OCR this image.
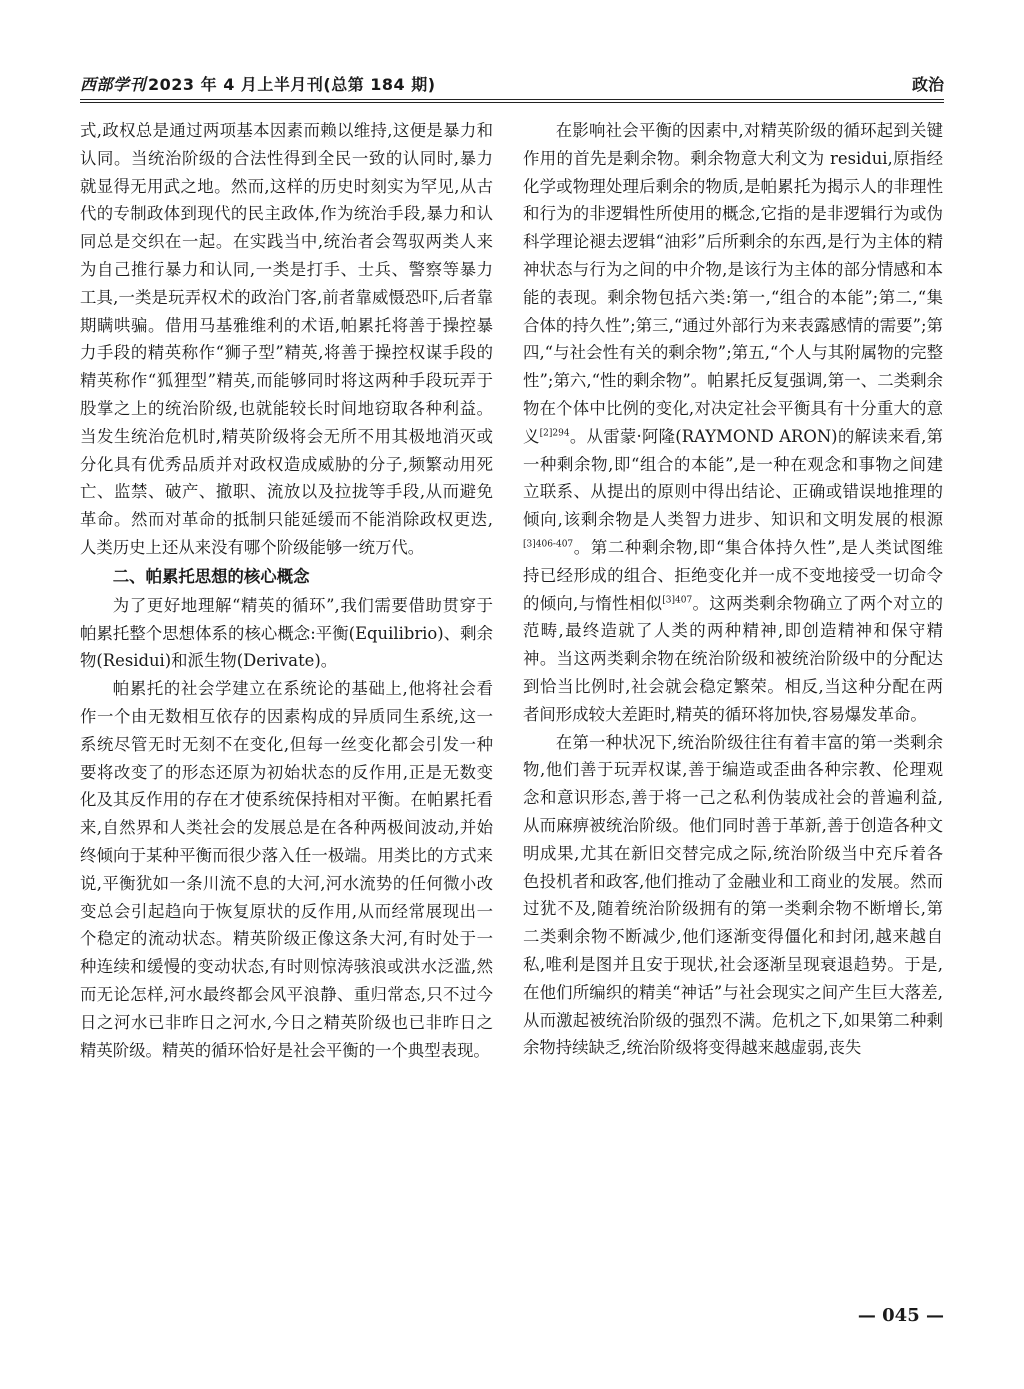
西部学刊 2023 年 4 月上半月刊(总第 184 期)	政治

式,政权总是通过两项基本因素而赖以维持,这便是暴力和认同。当统治阶级的合法性得到全民一致的认同时,暴力就显得无用武之地。然而,这样的历史时刻实为罕见,从古代的专制政体到现代的民主政体,作为统治手段,暴力和认同总是交织在一起。在实践当中,统治者会驾驭两类人来为自己推行暴力和认同,一类是打手、士兵、警察等暴力工具,一类是玩弄权术的政治门客,前者靠威慑恐吓,后者靠期瞒哄骗。借用马基雅维利的术语,帕累托将善于操控暴力手段的精英称作“狮子型”精英,将善于操控权谋手段的精英称作“狐狸型”精英,而能够同时将这两种手段玩弄于股掌之上的统治阶级,也就能较长时间地窃取各种利益。当发生统治危机时,精英阶级将会无所不用其极地消灭或分化具有优秀品质并对政权造成威胁的分子,频繁动用死亡、监禁、破产、撤职、流放以及拉拢等手段,从而避免革命。然而对革命的抵制只能延缓而不能消除政权更迭,人类历史上还从来没有哪个阶级能够一统万代。

二、帕累托思想的核心概念

为了更好地理解“精英的循环”,我们需要借助贯穿于帕累托整个思想体系的核心概念:平衡(Equilibrio)、剩余物(Residui)和派生物(Derivate)。

帕累托的社会学建立在系统论的基础上,他将社会看作一个由无数相互依存的因素构成的异质同生系统,这一系统尽管无时无刻不在变化,但每一丝变化都会引发一种要将改变了的形态还原为初始状态的反作用,正是无数变化及其反作用的存在才使系统保持相对平衡。在帕累托看来,自然界和人类社会的发展总是在各种两极间波动,并始终倾向于某种平衡而很少落入任一极端。用类比的方式来说,平衡犹如一条川流不息的大河,河水流势的任何微小改变总会引起趋向于恢复原状的反作用,从而经常展现出一个稳定的流动状态。精英阶级正像这条大河,有时处于一种连续和缓慢的变动状态,有时则惊涛骇浪或洪水泛滥,然而无论怎样,河水最终都会风平浪静、重归常态,只不过今日之河水已非昨日之河水,今日之精英阶级也已非昨日之精英阶级。精英的循环恰好是社会平衡的一个典型表现。

在影响社会平衡的因素中,对精英阶级的循环起到关键作用的首先是剩余物。剩余物意大利文为 residui,原指经化学或物理处理后剩余的物质,是帕累托为揭示人的非理性和行为的非逻辑性所使用的概念,它指的是非逻辑行为或伪科学理论褪去逻辑“油彩”后所剩余的东西,是行为主体的精神状态与行为之间的中介物,是该行为主体的部分情感和本能的表现。剩余物包括六类:第一,“组合的本能”;第二,“集合体的持久性”;第三,“通过外部行为来表露感情的需要”;第四,“与社会性有关的剩余物”;第五,“个人与其附属物的完整性”;第六,“性的剩余物”。帕累托反复强调,第一、二类剩余物在个体中比例的变化,对决定社会平衡具有十分重大的意义$^{[2]294}$。从雷蒙·阿隆(RAYMOND ARON)的解读来看,第一种剩余物,即“组合的本能”,是一种在观念和事物之间建立联系、从提出的原则中得出结论、正确或错误地推理的倾向,该剩余物是人类智力进步、知识和文明发展的根源$^{[3]406-407}$。第二种剩余物,即“集合体持久性”,是人类试图维持已经形成的组合、拒绝变化并一成不变地接受一切命令的倾向,与惰性相似$^{[3]407}$。这两类剩余物确立了两个对立的范畴,最终造就了人类的两种精神,即创造精神和保守精神。当这两类剩余物在统治阶级和被统治阶级中的分配达到恰当比例时,社会就会稳定繁荣。相反,当这种分配在两者间形成较大差距时,精英的循环将加快,容易爆发革命。

在第一种状况下,统治阶级往往有着丰富的第一类剩余物,他们善于玩弄权谋,善于编造或歪曲各种宗教、伦理观念和意识形态,善于将一己之私利伪装成社会的普遍利益,从而麻痹被统治阶级。他们同时善于革新,善于创造各种文明成果,尤其在新旧交替完成之际,统治阶级当中充斥着各色投机者和政客,他们推动了金融业和工商业的发展。然而过犹不及,随着统治阶级拥有的第一类剩余物不断增长,第二类剩余物不断减少,他们逐渐变得僵化和封闭,越来越自私,唯利是图并且安于现状,社会逐渐呈现衰退趋势。于是,在他们所编织的精美“神话”与社会现实之间产生巨大落差,从而激起被统治阶级的强烈不满。危机之下,如果第二种剩余物持续缺乏,统治阶级将变得越来越虚弱,丧失

— 045 —
